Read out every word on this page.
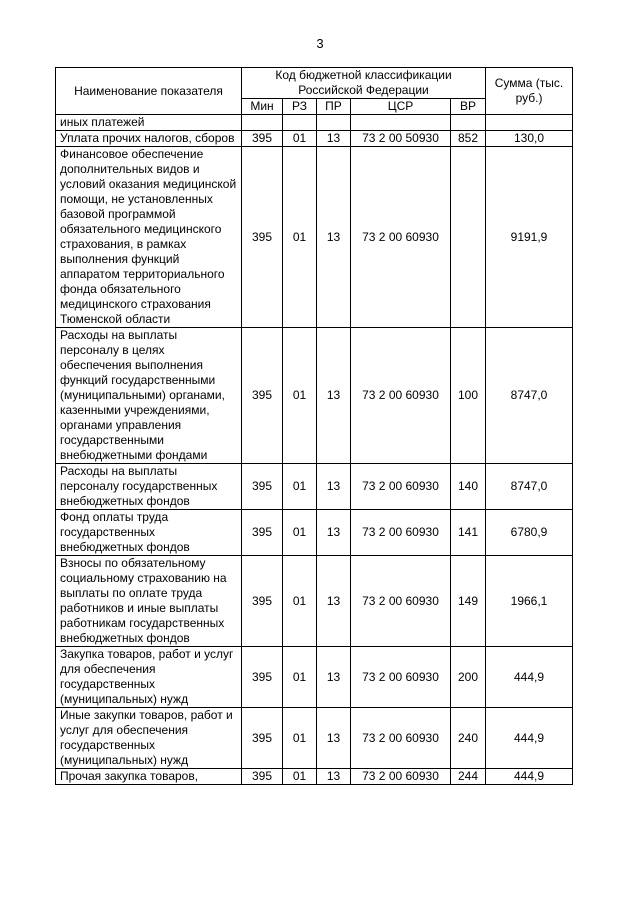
3
Наименование показателя	Код бюджетной классификации Российской Федерации					Сумма (тыс. руб.)
	Мин	РЗ	ПР	ЦСР	ВР	
иных платежей						
Уплата прочих налогов, сборов	395	01	13	73 2 00 50930	852	130,0
Финансовое обеспечение дополнительных видов и условий оказания медицинской помощи, не установленных базовой программой обязательного медицинского страхования, в рамках выполнения функций аппаратом территориального фонда обязательного медицинского страхования Тюменской области	395	01	13	73 2 00 60930		9191,9
Расходы на выплаты персоналу в целях обеспечения выполнения функций государственными (муниципальными) органами, казенными учреждениями, органами управления государственными внебюджетными фондами	395	01	13	73 2 00 60930	100	8747,0
Расходы на выплаты персоналу государственных внебюджетных фондов	395	01	13	73 2 00 60930	140	8747,0
Фонд оплаты труда государственных внебюджетных фондов	395	01	13	73 2 00 60930	141	6780,9
Взносы по обязательному социальному страхованию на выплаты по оплате труда работников и иные выплаты работникам государственных внебюджетных фондов	395	01	13	73 2 00 60930	149	1966,1
Закупка товаров, работ и услуг для обеспечения государственных (муниципальных) нужд	395	01	13	73 2 00 60930	200	444,9
Иные закупки товаров, работ и услуг для обеспечения государственных (муниципальных) нужд	395	01	13	73 2 00 60930	240	444,9
Прочая закупка товаров,	395	01	13	73 2 00 60930	244	444,9
